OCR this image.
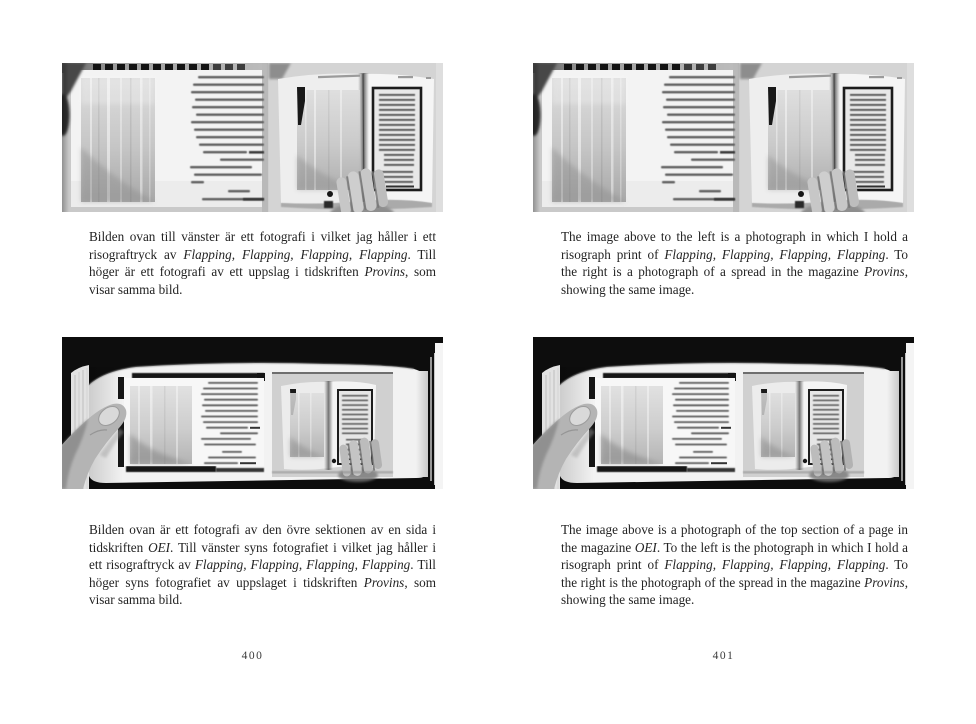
Bilden ovan till vänster är ett fotografi i vilket jag håller i ett risograftryck av Flapping, Flapping, Flapping, Flapping. Till höger är ett fotografi av ett uppslag i tidskriften Provins, som visar samma bild.
Bilden ovan är ett fotografi av den övre sektionen av en sida i tidskriften OEI. Till vänster syns fotografiet i vilket jag håller i ett risograftryck av Flapping, Flapping, Flapping, Flapping. Till höger syns fotografiet av uppslaget i tidskriften Provins, som visar samma bild.
400
The image above to the left is a photograph in which I hold a risograph print of Flapping, Flapping, Flapping, Flapping. To the right is a photograph of a spread in the magazine Provins, showing the same image.
The image above is a photograph of the top section of a page in the magazine OEI. To the left is the photograph in which I hold a risograph print of Flapping, Flapping, Flapping, Flapping. To the right is the photograph of the spread in the magazine Provins, showing the same image.
401
